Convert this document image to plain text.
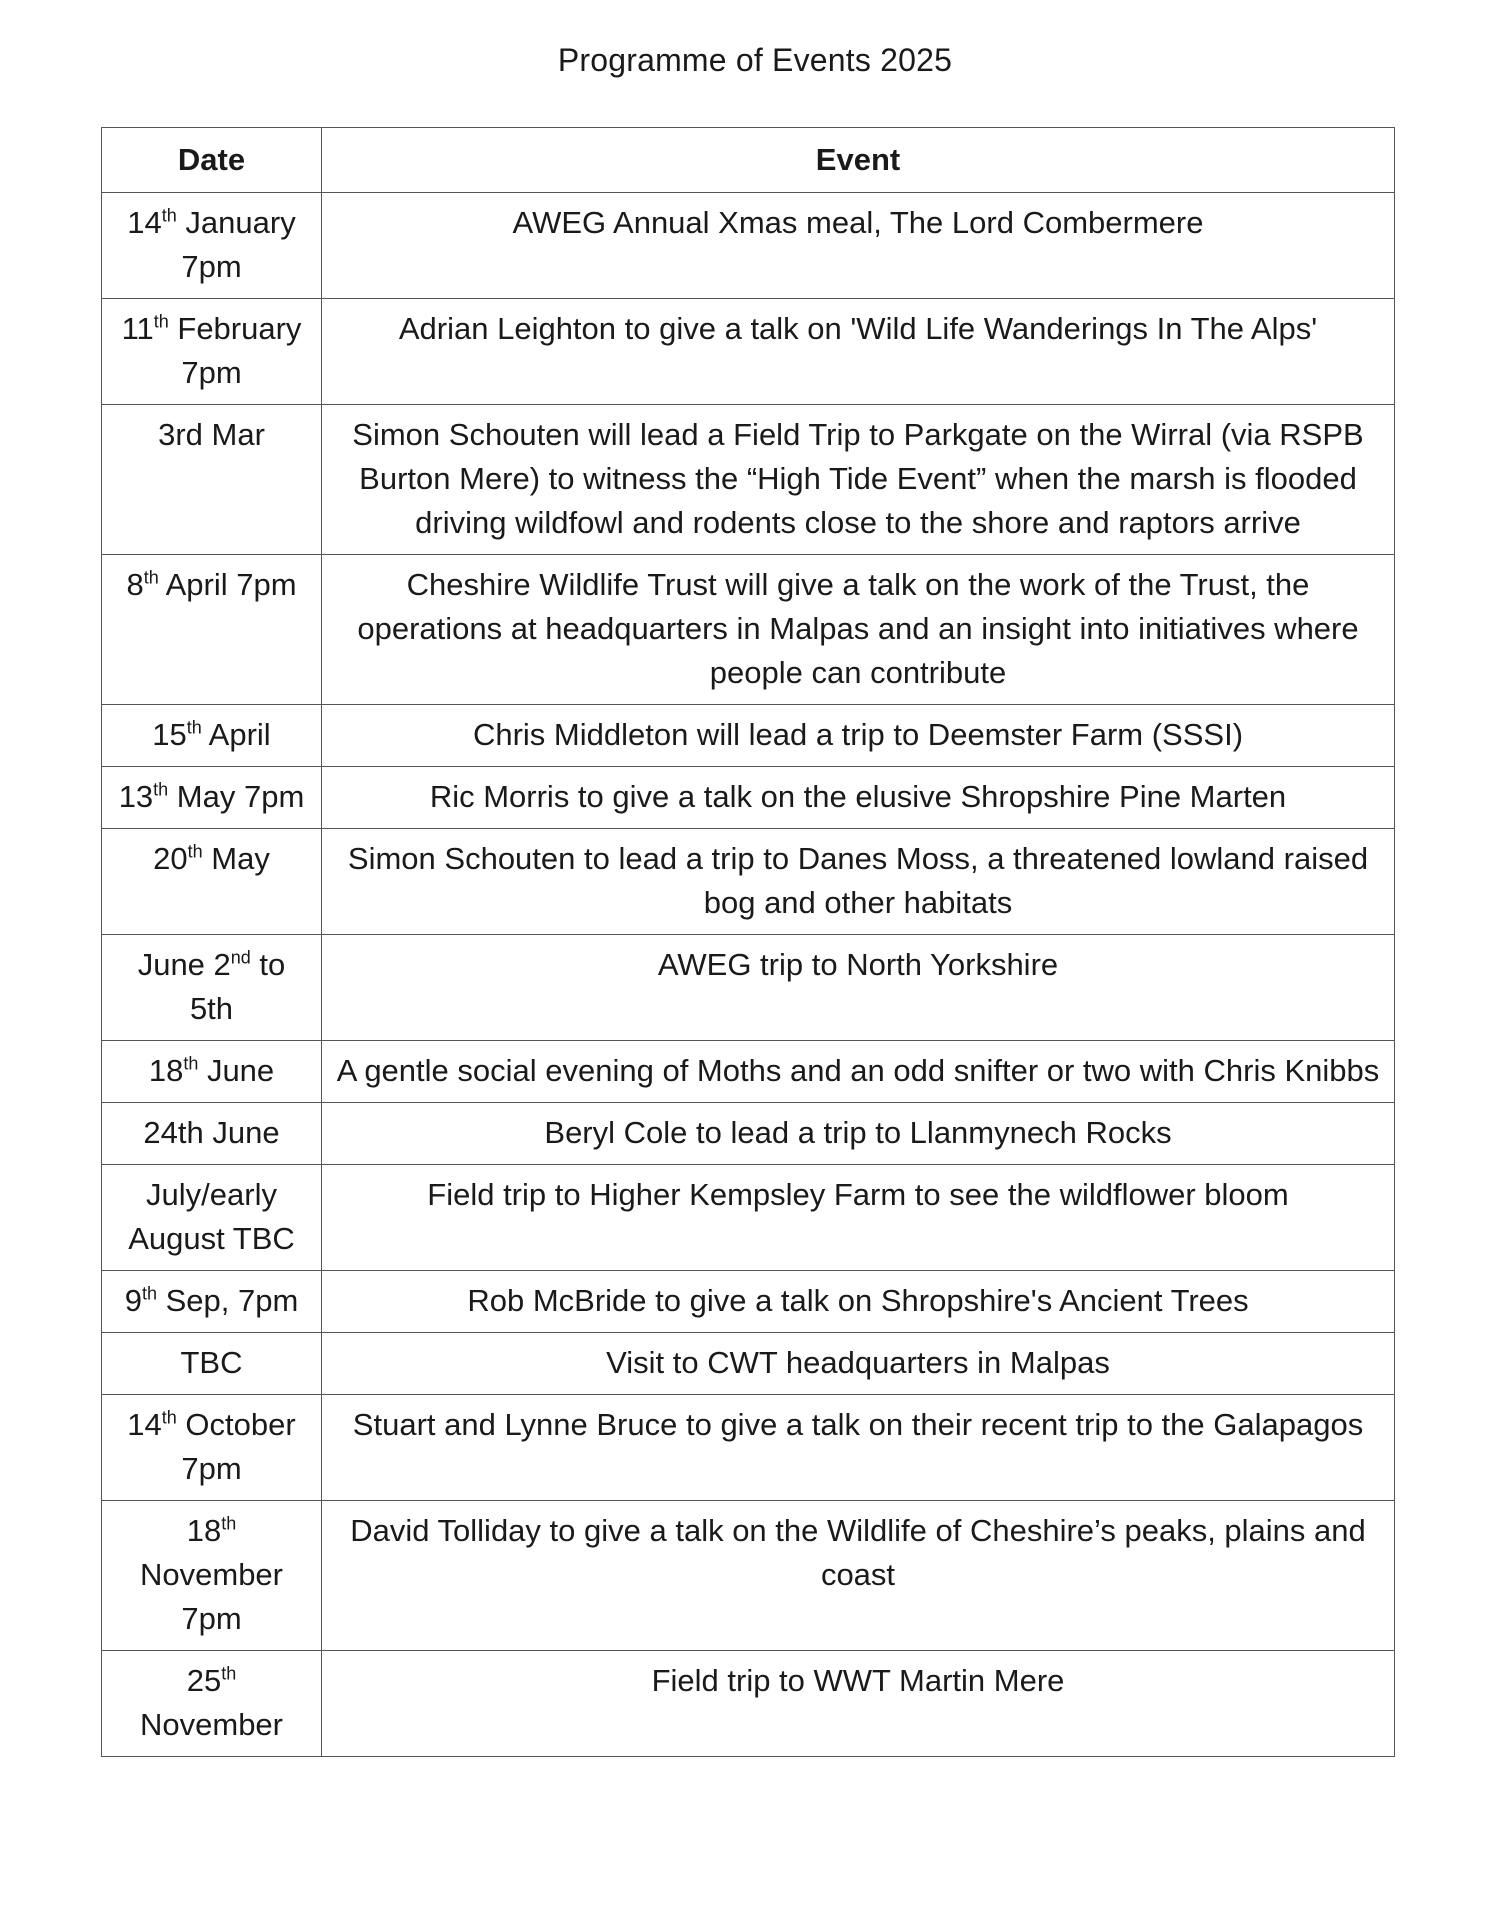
Programme of Events 2025
Date	Event
14th January 7pm	AWEG Annual Xmas meal, The Lord Combermere
11th February 7pm	Adrian Leighton to give a talk on 'Wild Life Wanderings In The Alps'
3rd Mar	Simon Schouten will lead a Field Trip to Parkgate on the Wirral (via RSPB Burton Mere) to witness the “High Tide Event” when the marsh is flooded driving wildfowl and rodents close to the shore and raptors arrive
8th April 7pm	Cheshire Wildlife Trust will give a talk on the work of the Trust, the operations at headquarters in Malpas and an insight into initiatives where people can contribute
15th April	Chris Middleton will lead a trip to Deemster Farm (SSSI)
13th May 7pm	Ric Morris to give a talk on the elusive Shropshire Pine Marten
20th May	Simon Schouten to lead a trip to Danes Moss, a threatened lowland raised bog and other habitats
June 2nd to 5th	AWEG trip to North Yorkshire
18th June	A gentle social evening of Moths and an odd snifter or two with Chris Knibbs
24th June	Beryl Cole to lead a trip to Llanmynech Rocks
July/early August TBC	Field trip to Higher Kempsley Farm to see the wildflower bloom
9th Sep, 7pm	Rob McBride to give a talk on Shropshire's Ancient Trees
TBC	Visit to CWT headquarters in Malpas
14th October 7pm	Stuart and Lynne Bruce to give a talk on their recent trip to the Galapagos
18th November 7pm	David Tolliday to give a talk on the Wildlife of Cheshire’s peaks, plains and coast
25th November	Field trip to WWT Martin Mere
